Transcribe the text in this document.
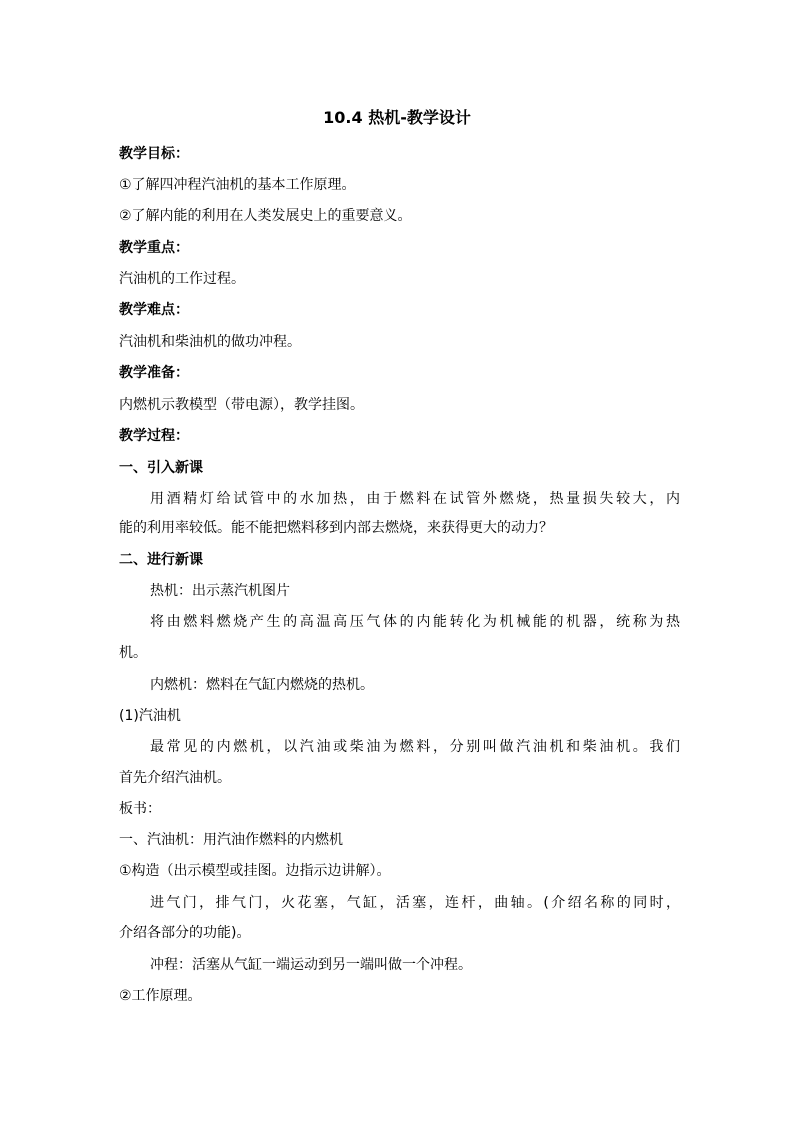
10.4 热机-教学设计
教学目标：
①了解四冲程汽油机的基本工作原理。
②了解内能的利用在人类发展史上的重要意义。
教学重点：
汽油机的工作过程。
教学难点：
汽油机和柴油机的做功冲程。
教学准备：
内燃机示教模型（带电源），教学挂图。
教学过程：
一、引入新课
用酒精灯给试管中的水加热，由于燃料在试管外燃烧，热量损失较大，内
能的利用率较低。能不能把燃料移到内部去燃烧，来获得更大的动力？
二、进行新课
热机：出示蒸汽机图片
将由燃料燃烧产生的高温高压气体的内能转化为机械能的机器，统称为热
机。
内燃机：燃料在气缸内燃烧的热机。
(1)汽油机
最常见的内燃机，以汽油或柴油为燃料，分别叫做汽油机和柴油机。我们
首先介绍汽油机。
板书：
一、汽油机：用汽油作燃料的内燃机
①构造（出示模型或挂图。边指示边讲解）。
进气门，排气门，火花塞，气缸，活塞，连杆，曲轴。(介绍名称的同时，
介绍各部分的功能)。
冲程：活塞从气缸一端运动到另一端叫做一个冲程。
②工作原理。
